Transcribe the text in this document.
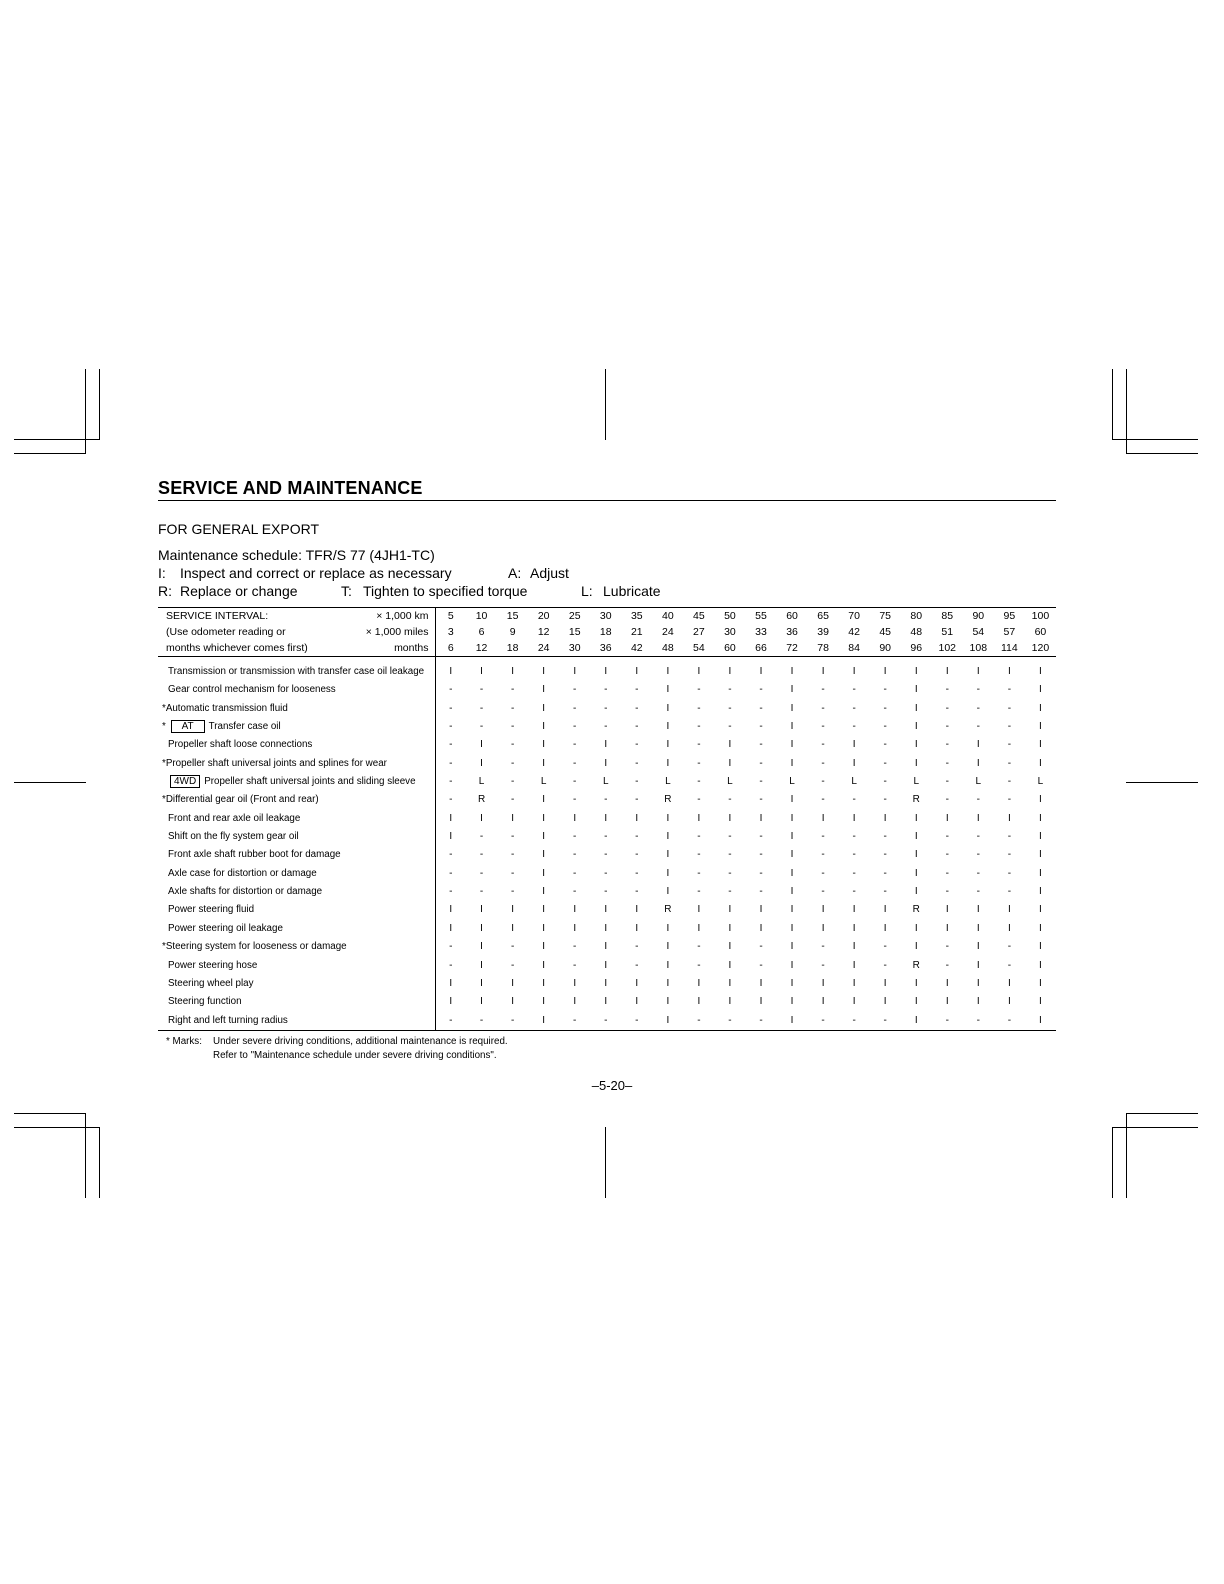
SERVICE AND MAINTENANCE
FOR GENERAL EXPORT
Maintenance schedule: TFR/S 77 (4JH1-TC)
I: Inspect and correct or replace as necessary	A: Adjust
R: Replace or change	T: Tighten to specified torque	L: Lubricate
SERVICE INTERVAL: × 1,000 km	5	10	15	20	25	30	35	40	45	50	55	60	65	70	75	80	85	90	95	100

(Use odometer reading or × 1,000 miles	3	6	9	12	15	18	21	24	27	30	33	36	39	42	45	48	51	54	57	60

months whichever comes first) months	6	12	18	24	30	36	42	48	54	60	66	72	78	84	90	96	102	108	114	120

Transmission or transmission with transfer case oil leakage	I	I	I	I	I	I	I	I	I	I	I	I	I	I	I	I	I	I	I	I

Gear control mechanism for looseness	-	-	-	I	-	-	-	I	-	-	-	I	-	-	-	I	-	-	-	I

*Automatic transmission fluid	-	-	-	I	-	-	-	I	-	-	-	I	-	-	-	I	-	-	-	I

* AT Transfer case oil	-	-	-	I	-	-	-	I	-	-	-	I	-	-	-	I	-	-	-	I

Propeller shaft loose connections	-	I	-	I	-	I	-	I	-	I	-	I	-	I	-	I	-	I	-	I

*Propeller shaft universal joints and splines for wear	-	I	-	I	-	I	-	I	-	I	-	I	-	I	-	I	-	I	-	I

4WD Propeller shaft universal joints and sliding sleeve	-	L	-	L	-	L	-	L	-	L	-	L	-	L	-	L	-	L	-	L

*Differential gear oil (Front and rear)	-	R	-	I	-	-	-	R	-	-	-	I	-	-	-	R	-	-	-	I

Front and rear axle oil leakage	I	I	I	I	I	I	I	I	I	I	I	I	I	I	I	I	I	I	I	I

Shift on the fly system gear oil	I	-	-	I	-	-	-	I	-	-	-	I	-	-	-	I	-	-	-	I

Front axle shaft rubber boot for damage	-	-	-	I	-	-	-	I	-	-	-	I	-	-	-	I	-	-	-	I

Axle case for distortion or damage	-	-	-	I	-	-	-	I	-	-	-	I	-	-	-	I	-	-	-	I

Axle shafts for distortion or damage	-	-	-	I	-	-	-	I	-	-	-	I	-	-	-	I	-	-	-	I

Power steering fluid	I	I	I	I	I	I	I	R	I	I	I	I	I	I	I	R	I	I	I	I

Power steering oil leakage	I	I	I	I	I	I	I	I	I	I	I	I	I	I	I	I	I	I	I	I

*Steering system for looseness or damage	-	I	-	I	-	I	-	I	-	I	-	I	-	I	-	I	-	I	-	I

Power steering hose	-	I	-	I	-	I	-	I	-	I	-	I	-	I	-	R	-	I	-	I

Steering wheel play	I	I	I	I	I	I	I	I	I	I	I	I	I	I	I	I	I	I	I	I

Steering function	I	I	I	I	I	I	I	I	I	I	I	I	I	I	I	I	I	I	I	I

Right and left turning radius	-	-	-	I	-	-	-	I	-	-	-	I	-	-	-	I	-	-	-	I
* Marks: Under severe driving conditions, additional maintenance is required.
Refer to "Maintenance schedule under severe driving conditions".
–5-20–
